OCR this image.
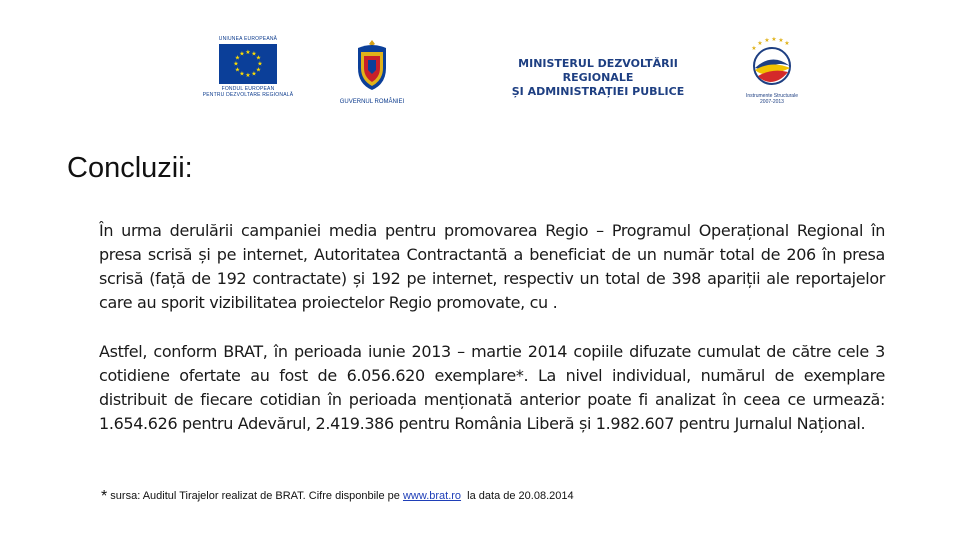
UNIUNEA EUROPEANĂ
★ ★
★
★
★
★
★
★
★
★
★
★
FONDUL EUROPEAN
PENTRU DEZVOLTARE REGIONALĂ
GUVERNUL ROMÂNIEI
MINISTERUL DEZVOLTĂRII REGIONALE
ȘI ADMINISTRAȚIEI PUBLICE
★ ★ ★ ★ ★
★
Instrumente Structurale
2007-2013
Concluzii:

În urma derulării campaniei media pentru promovarea Regio – Programul Operațional Regional în presa scrisă și pe internet, Autoritatea Contractantă a beneficiat de un număr total de 206 în presa scrisă (față de 192 contractate) și 192 pe internet, respectiv un total de 398 apariții ale reportajelor care au sporit vizibilitatea proiectelor Regio promovate, cu .

Astfel, conform BRAT, în perioada iunie 2013 – martie 2014 copiile difuzate cumulat de către cele 3 cotidiene ofertate au fost de 6.056.620 exemplare*. La nivel individual, numărul de exemplare distribuit de fiecare cotidian în perioada menționată anterior poate fi analizat în ceea ce urmează: 1.654.626 pentru Adevărul, 2.419.386 pentru România Liberă și 1.982.607 pentru Jurnalul Național.

* sursa: Auditul Tirajelor realizat de BRAT. Cifre disponbile pe www.brat.ro la data de 20.08.2014
